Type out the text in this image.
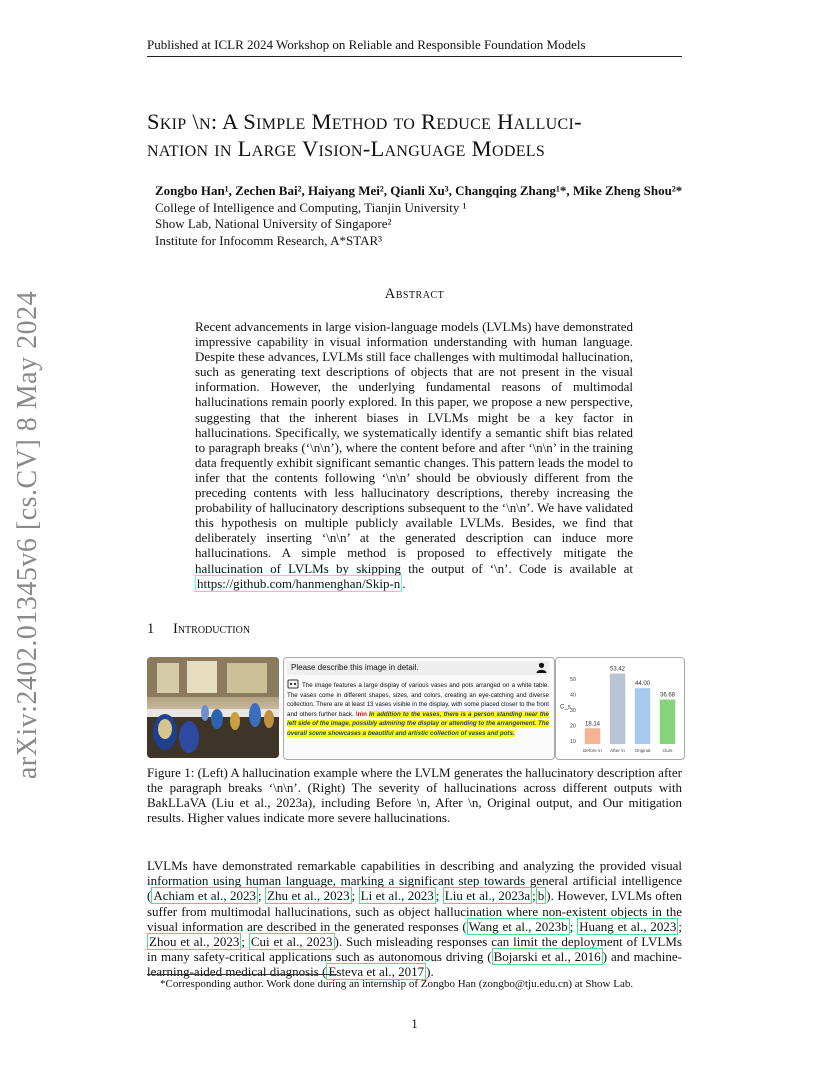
Published at ICLR 2024 Workshop on Reliable and Responsible Foundation Models
Skip \n: A Simple Method to Reduce Halluci-
nation in Large Vision-Language Models
Zongbo Han¹, Zechen Bai², Haiyang Mei², Qianli Xu³, Changqing Zhang¹*, Mike Zheng Shou²*
College of Intelligence and Computing, Tianjin University ¹
Show Lab, National University of Singapore²
Institute for Infocomm Research, A*STAR³
arXiv:2402.01345v6 [cs.CV] 8 May 2024	Abstract
Recent advancements in large vision-language models (LVLMs) have demonstrated impressive capability in visual information understanding with human language. Despite these advances, LVLMs still face challenges with multimodal hallucination, such as generating text descriptions of objects that are not present in the visual information. However, the underlying fundamental reasons of multimodal hallucinations remain poorly explored. In this paper, we propose a new perspective, suggesting that the inherent biases in LVLMs might be a key factor in hallucinations. Specifically, we systematically identify a semantic shift bias related to paragraph breaks (‘\n\n’), where the content before and after ‘\n\n’ in the training data frequently exhibit significant semantic changes. This pattern leads the model to infer that the contents following ‘\n\n’ should be obviously different from the preceding contents with less hallucinatory descriptions, thereby increasing the probability of hallucinatory descriptions subsequent to the ‘\n\n’. We have validated this hypothesis on multiple publicly available LVLMs. Besides, we find that deliberately inserting ‘\n\n’ at the generated description can induce more hallucinations. A simple method is proposed to effectively mitigate the hallucination of LVLMs by skipping the output of ‘\n’. Code is available at https://github.com/hanmenghan/Skip-n .
1 Introduction
Please describe this image in detail.
The image features a large display of various vases and pots arranged on a white table. The vases come in different shapes, sizes, and colors, creating an eye-catching and diverse collection. There are at least 13 vases visible in the display, with some placed closer to the front and others further back. \n\n In addition to the vases, there is a person standing near the left side of the image, possibly admiring the display or attending to the arrangement. The overall scene showcases a beautiful and artistic collection of vases and pots.
10
20
30
40
50
C_s
18.14
Before \n
53.42
After \n
44.00
Original
36.68
Ours
Figure 1: (Left) A hallucination example where the LVLM generates the hallucinatory description after the paragraph breaks ‘\n\n’. (Right) The severity of hallucinations across different outputs with BakLLaVA (Liu et al., 2023a), including Before \n, After \n, Original output, and Our mitigation results. Higher values indicate more severe hallucinations.
LVLMs have demonstrated remarkable capabilities in describing and analyzing the provided visual information using human language, marking a significant step towards general artificial intelligence ( Achiam et al., 2023 ; Zhu et al., 2023 ; Li et al., 2023 ; Liu et al., 2023a ; b ). However, LVLMs often suffer from multimodal hallucinations, such as object hallucination where non-existent objects in the visual information are described in the generated responses ( Wang et al., 2023b ; Huang et al., 2023 ; Zhou et al., 2023 ; Cui et al., 2023 ). Such misleading responses can limit the deployment of LVLMs in many safety-critical applications such as autonomous driving ( Bojarski et al., 2016 ) and machine-learning-aided medical diagnosis ( Esteva et al., 2017 ).
*Corresponding author. Work done during an internship of Zongbo Han (zongbo@tju.edu.cn) at Show Lab.
1
